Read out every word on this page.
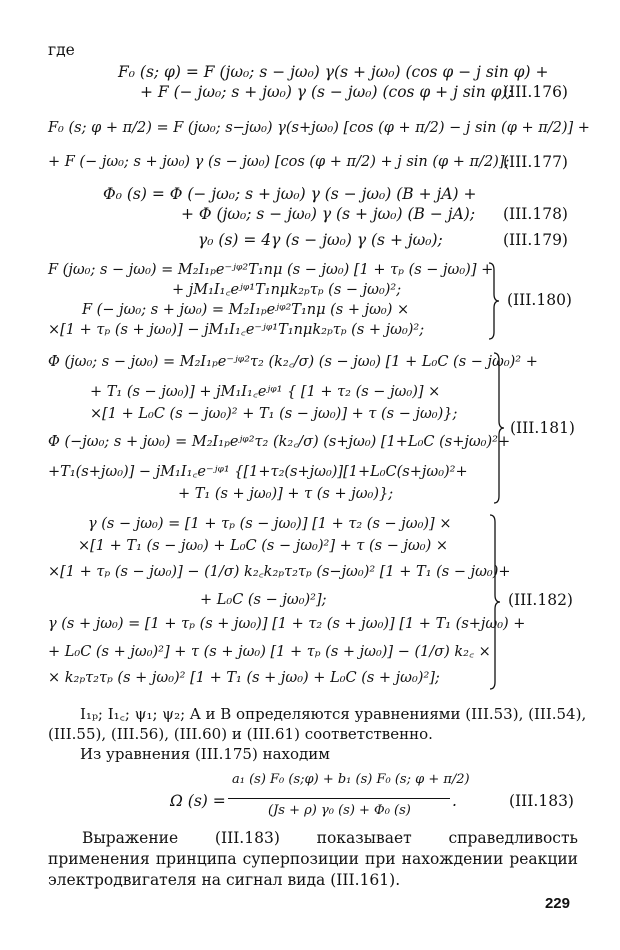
где
F₀ (s; φ) = F (jω₀; s − jω₀) γ(s + jω₀) (cos φ − j sin φ) +
+ F (− jω₀; s + jω₀) γ (s − jω₀) (cos φ + j sin φ);
(III.176)
F₀ (s; φ + π/2) = F (jω₀; s−jω₀) γ(s+jω₀) [cos (φ + π/2) − j sin (φ + π/2)] +
+ F (− jω₀; s + jω₀) γ (s − jω₀) [cos (φ + π/2) + j sin (φ + π/2)];
(III.177)
Φ₀ (s) = Φ (− jω₀; s + jω₀) γ (s − jω₀) (B + jA) +
+ Φ (jω₀; s − jω₀) γ (s + jω₀) (B − jA); (III.178)
γ₀ (s) = 4γ (s − jω₀) γ (s + jω₀);	(III.179)
F (jω₀; s − jω₀) = M₂I₁ₚe⁻ʲᵠ²T₁nμ (s − jω₀) [1 + τₚ (s − jω₀)] +
+ jM₁I₁꜀eʲᵠ¹T₁nμk₂ₚτₚ (s − jω₀)²;
F (− jω₀; s + jω₀) = M₂I₁ₚeʲᵠ²T₁nμ (s + jω₀) ×
×[1 + τₚ (s + jω₀)] − jM₁I₁꜀e⁻ʲᵠ¹T₁nμk₂ₚτₚ (s + jω₀)²;
(III.180)
Φ (jω₀; s − jω₀) = M₂I₁ₚe⁻ʲᵠ²τ₂ (k₂꜀/σ) (s − jω₀) [1 + L₀C (s − jω₀)² +
+ T₁ (s − jω₀)] + jM₁I₁꜀eʲᵠ¹ { [1 + τ₂ (s − jω₀)] ×
×[1 + L₀C (s − jω₀)² + T₁ (s − jω₀)] + τ (s − jω₀)};
Φ (−jω₀; s + jω₀) = M₂I₁ₚeʲᵠ²τ₂ (k₂꜀/σ) (s+jω₀) [1+L₀C (s+jω₀)²+
+T₁(s+jω₀)] − jM₁I₁꜀e⁻ʲᵠ¹ {[1+τ₂(s+jω₀)][1+L₀C(s+jω₀)²+
+ T₁ (s + jω₀)] + τ (s + jω₀)};
(III.181)
γ (s − jω₀) = [1 + τₚ (s − jω₀)] [1 + τ₂ (s − jω₀)] ×
×[1 + T₁ (s − jω₀) + L₀C (s − jω₀)²] + τ (s − jω₀) ×
×[1 + τₚ (s − jω₀)] − (1/σ) k₂꜀k₂ₚτ₂τₚ (s−jω₀)² [1 + T₁ (s − jω₀)+
+ L₀C (s − jω₀)²];
γ (s + jω₀) = [1 + τₚ (s + jω₀)] [1 + τ₂ (s + jω₀)] [1 + T₁ (s+jω₀) +
+ L₀C (s + jω₀)²] + τ (s + jω₀) [1 + τₚ (s + jω₀)] − (1/σ) k₂꜀ ×
× k₂ₚτ₂τₚ (s + jω₀)² [1 + T₁ (s + jω₀) + L₀C (s + jω₀)²];
(III.182)
I₁ₚ; I₁꜀; ψ₁; ψ₂; A и B определяются уравнениями (III.53), (III.54),
(III.55), (III.56), (III.60) и (III.61) соответственно.
Из уравнения (III.175) находим
Ω (s) =
a₁ (s) F₀ (s;φ) + b₁ (s) F₀ (s; φ + π/2)
(Js + ρ) γ₀ (s) + Φ₀ (s)
.	(III.183)

Выражение (III.183) показывает справедливость применения принципа суперпозиции при нахождении реакции электродвигателя на сигнал вида (III.161).

229
